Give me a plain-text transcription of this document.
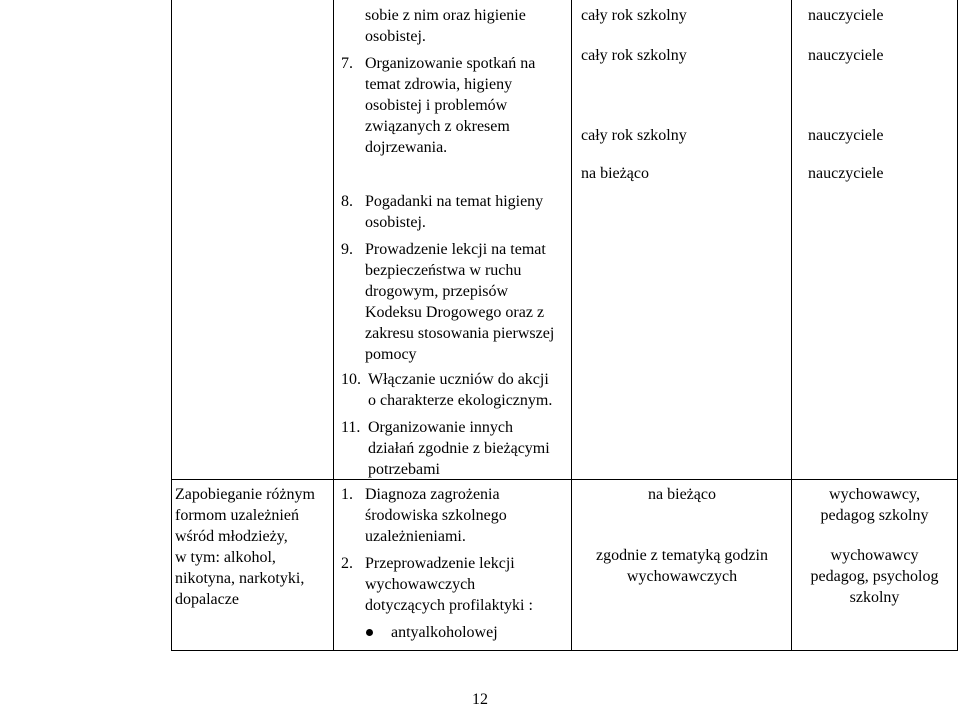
sobie z nim oraz higienie
osobistej.
7. Organizowanie spotkań na
temat zdrowia, higieny
osobistej i problemów
związanych z okresem
dojrzewania.
8. Pogadanki na temat higieny
osobistej.
9. Prowadzenie lekcji na temat
bezpieczeństwa w ruchu
drogowym, przepisów
Kodeksu Drogowego oraz z
zakresu stosowania pierwszej
pomocy
10. Włączanie uczniów do akcji
o charakterze ekologicznym.
11. Organizowanie innych
działań zgodnie z bieżącymi
potrzebami
cały rok szkolny
cały rok szkolny
cały rok szkolny
na bieżąco
nauczyciele
nauczyciele
nauczyciele
nauczyciele
Zapobieganie różnym
formom uzależnień
wśród młodzieży,
w tym: alkohol,
nikotyna, narkotyki,
dopalacze
1. Diagnoza zagrożenia
środowiska szkolnego
uzależnieniami.
2. Przeprowadzenie lekcji
wychowawczych
dotyczących profilaktyki :
antyalkoholowej
na bieżąco
zgodnie z tematyką godzin
wychowawczych
wychowawcy,
pedagog szkolny
wychowawcy
pedagog, psycholog
szkolny
12
